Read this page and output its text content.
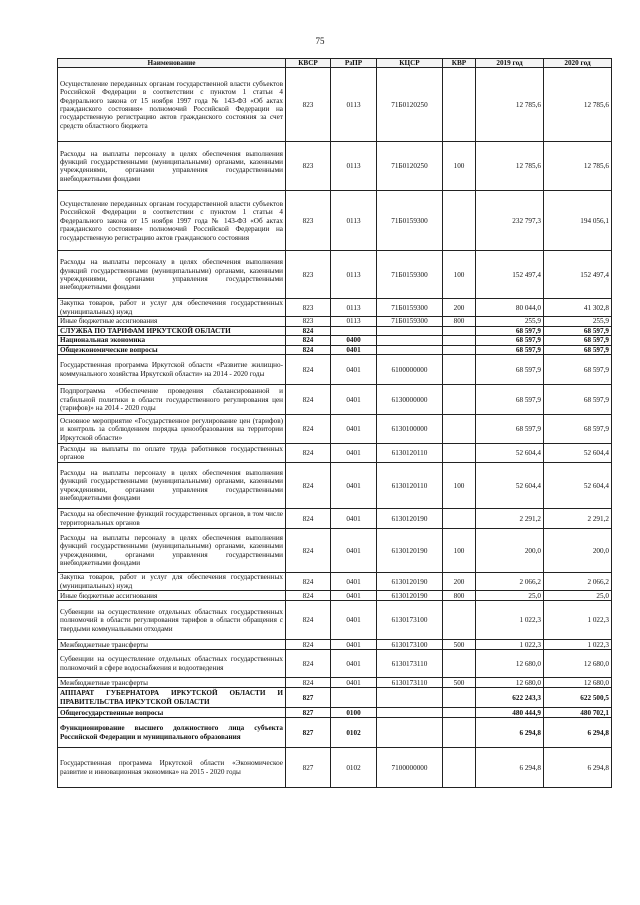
75
Наименование	КВСР	РзПР	КЦСР	КВР	2019 год	2020 год
Осуществление переданных органам государственной власти субъектов Российской Федерации в соответствии с пунктом 1 статьи 4 Федерального закона от 15 ноября 1997 года № 143-ФЗ «Об актах гражданского состояния» полномочий Российской Федерации на государственную регистрацию актов гражданского состояния за счет средств областного бюджета	823	0113	71Б0120250		12 785,6	12 785,6
Расходы на выплаты персоналу в целях обеспечения выполнения функций государственными (муниципальными) органами, казенными учреждениями, органами управления государственными внебюджетными фондами	823	0113	71Б0120250	100	12 785,6	12 785,6
Осуществление переданных органам государственной власти субъектов Российской Федерации в соответствии с пунктом 1 статьи 4 Федерального закона от 15 ноября 1997 года № 143-ФЗ «Об актах гражданского состояния» полномочий Российской Федерации на государственную регистрацию актов гражданского состояния	823	0113	71Б0159300		232 797,3	194 056,1
Расходы на выплаты персоналу в целях обеспечения выполнения функций государственными (муниципальными) органами, казенными учреждениями, органами управления государственными внебюджетными фондами	823	0113	71Б0159300	100	152 497,4	152 497,4
Закупка товаров, работ и услуг для обеспечения государственных (муниципальных) нужд	823	0113	71Б0159300	200	80 044,0	41 302,8
Иные бюджетные ассигнования	823	0113	71Б0159300	800	255,9	255,9
СЛУЖБА ПО ТАРИФАМ ИРКУТСКОЙ ОБЛАСТИ	824				68 597,9	68 597,9
Национальная экономика	824	0400			68 597,9	68 597,9
Общеэкономические вопросы	824	0401			68 597,9	68 597,9
Государственная программа Иркутской области «Развитие жилищно-коммунального хозяйства Иркутской области» на 2014 - 2020 годы	824	0401	6100000000		68 597,9	68 597,9
Подпрограмма «Обеспечение проведения сбалансированной и стабильной политики в области государственного регулирования цен (тарифов)» на 2014 - 2020 годы	824	0401	6130000000		68 597,9	68 597,9
Основное мероприятие «Государственное регулирование цен (тарифов) и контроль за соблюдением порядка ценообразования на территории Иркутской области»	824	0401	6130100000		68 597,9	68 597,9
Расходы на выплаты по оплате труда работников государственных органов	824	0401	6130120110		52 604,4	52 604,4
Расходы на выплаты персоналу в целях обеспечения выполнения функций государственными (муниципальными) органами, казенными учреждениями, органами управления государственными внебюджетными фондами	824	0401	6130120110	100	52 604,4	52 604,4
Расходы на обеспечение функций государственных органов, в том числе территориальных органов	824	0401	6130120190		2 291,2	2 291,2
Расходы на выплаты персоналу в целях обеспечения выполнения функций государственными (муниципальными) органами, казенными учреждениями, органами управления государственными внебюджетными фондами	824	0401	6130120190	100	200,0	200,0
Закупка товаров, работ и услуг для обеспечения государственных (муниципальных) нужд	824	0401	6130120190	200	2 066,2	2 066,2
Иные бюджетные ассигнования	824	0401	6130120190	800	25,0	25,0
Субвенции на осуществление отдельных областных государственных полномочий в области регулирования тарифов в области обращения с твердыми коммунальными отходами	824	0401	6130173100		1 022,3	1 022,3
Межбюджетные трансферты	824	0401	6130173100	500	1 022,3	1 022,3
Субвенции на осуществление отдельных областных государственных полномочий в сфере водоснабжения и водоотведения	824	0401	6130173110		12 680,0	12 680,0
Межбюджетные трансферты	824	0401	6130173110	500	12 680,0	12 680,0
АППАРАТ ГУБЕРНАТОРА ИРКУТСКОЙ ОБЛАСТИ И ПРАВИТЕЛЬСТВА ИРКУТСКОЙ ОБЛАСТИ	827				622 243,3	622 500,5
Общегосударственные вопросы	827	0100			480 444,9	480 702,1
Функционирование высшего должностного лица субъекта Российской Федерации и муниципального образования	827	0102			6 294,8	6 294,8
Государственная программа Иркутской области «Экономическое развитие и инновационная экономика» на 2015 - 2020 годы	827	0102	7100000000		6 294,8	6 294,8
